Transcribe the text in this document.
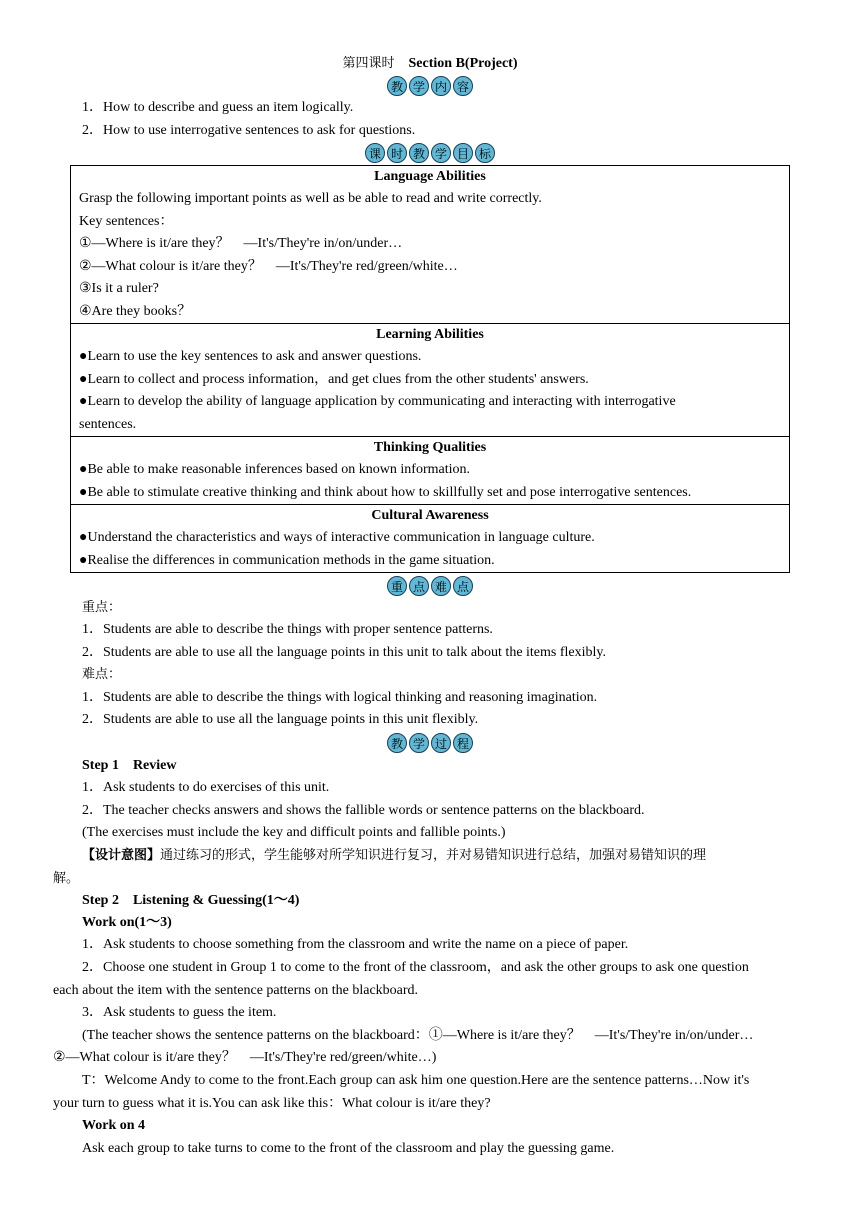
第四课时 Section B(Project)
教 学 内 容
1．How to describe and guess an item logically.
2．How to use interrogative sentences to ask for questions.
课 时 教 学 目 标
Language Abilities
Grasp the following important points as well as be able to read and write correctly.
Key sentences：
①—Where is it/are they？　—It's/They're in/on/under…
②—What colour is it/are they？　—It's/They're red/green/white…
③Is it a ruler?
④Are they books？
Learning Abilities
●Learn to use the key sentences to ask and answer questions.
●Learn to collect and process information，and get clues from the other students' answers.
●Learn to develop the ability of language application by communicating and interacting with interrogative
sentences.
Thinking Qualities
●Be able to make reasonable inferences based on known information.
●Be able to stimulate creative thinking and think about how to skillfully set and pose interrogative sentences.
Cultural Awareness
●Understand the characteristics and ways of interactive communication in language culture.
●Realise the differences in communication methods in the game situation.
重 点 难 点
重点：
1．Students are able to describe the things with proper sentence patterns.
2．Students are able to use all the language points in this unit to talk about the items flexibly.
难点：
1．Students are able to describe the things with logical thinking and reasoning imagination.
2．Students are able to use all the language points in this unit flexibly.
教 学 过 程
Step 1　Review
1．Ask students to do exercises of this unit.
2．The teacher checks answers and shows the fallible words or sentence patterns on the blackboard.
(The exercises must include the key and difficult points and fallible points.)
【设计意图】通过练习的形式，学生能够对所学知识进行复习，并对易错知识进行总结，加强对易错知识的理
解。
Step 2　Listening & Guessing(1～4)
Work on(1～3)
1．Ask students to choose something from the classroom and write the name on a piece of paper.
2．Choose one student in Group 1 to come to the front of the classroom，and ask the other groups to ask one question
each about the item with the sentence patterns on the blackboard.
3．Ask students to guess the item.
(The teacher shows the sentence patterns on the blackboard：①—Where is it/are they？　—It's/They're in/on/under…
②—What colour is it/are they？　—It's/They're red/green/white…)
T：Welcome Andy to come to the front.Each group can ask him one question.Here are the sentence patterns…Now it's
your turn to guess what it is.You can ask like this：What colour is it/are they?
Work on 4
Ask each group to take turns to come to the front of the classroom and play the guessing game.
